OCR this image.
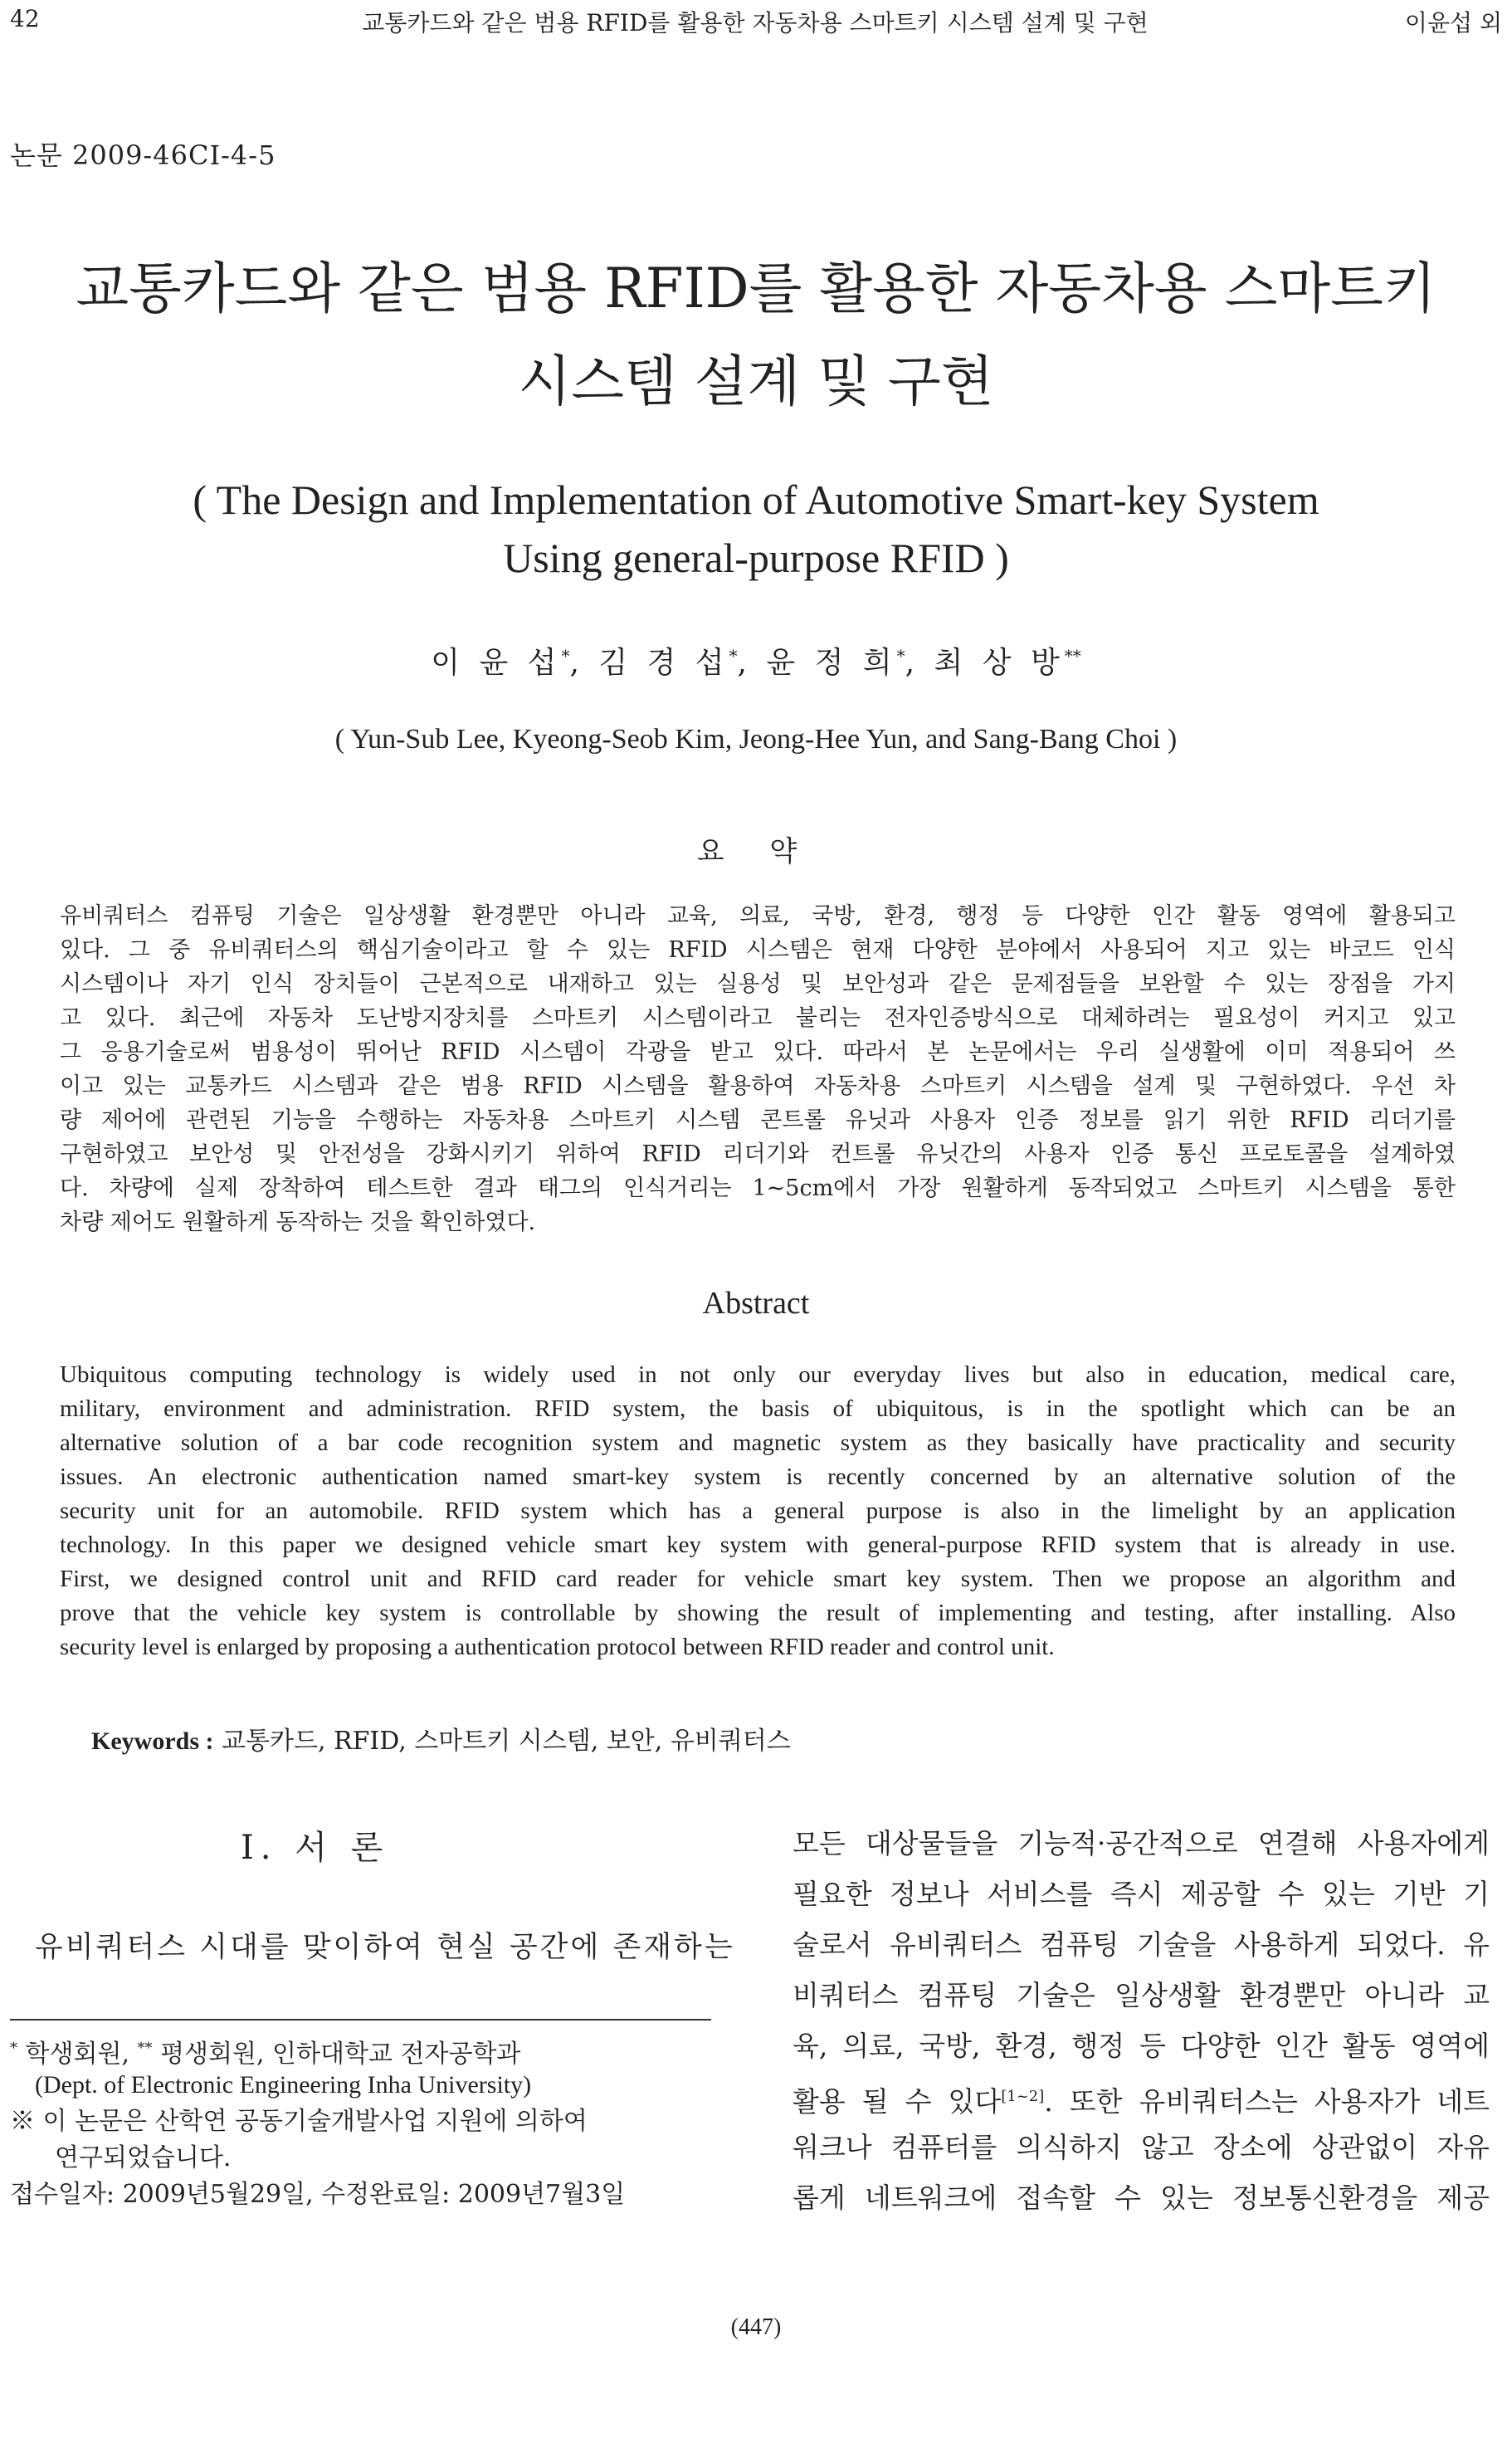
42	교통카드와 같은 범용 RFID를 활용한 자동차용 스마트키 시스템 설계 및 구현	이윤섭 외
논문 2009-46CI-4-5
교통카드와 같은 범용 RFID를 활용한 자동차용 스마트키
시스템 설계 및 구현
( The Design and Implementation of Automotive Smart-key System
Using general-purpose RFID )
이 윤 섭*, 김 경 섭*, 윤 정 희*, 최 상 방**
( Yun-Sub Lee, Kyeong-Seob Kim, Jeong-Hee Yun, and Sang-Bang Choi )
요 약
유비쿼터스 컴퓨팅 기술은 일상생활 환경뿐만 아니라 교육, 의료, 국방, 환경, 행정 등 다양한 인간 활동 영역에 활용되고
있다. 그 중 유비쿼터스의 핵심기술이라고 할 수 있는 RFID 시스템은 현재 다양한 분야에서 사용되어 지고 있는 바코드 인식
시스템이나 자기 인식 장치들이 근본적으로 내재하고 있는 실용성 및 보안성과 같은 문제점들을 보완할 수 있는 장점을 가지
고 있다. 최근에 자동차 도난방지장치를 스마트키 시스템이라고 불리는 전자인증방식으로 대체하려는 필요성이 커지고 있고
그 응용기술로써 범용성이 뛰어난 RFID 시스템이 각광을 받고 있다. 따라서 본 논문에서는 우리 실생활에 이미 적용되어 쓰
이고 있는 교통카드 시스템과 같은 범용 RFID 시스템을 활용하여 자동차용 스마트키 시스템을 설계 및 구현하였다. 우선 차
량 제어에 관련된 기능을 수행하는 자동차용 스마트키 시스템 콘트롤 유닛과 사용자 인증 정보를 읽기 위한 RFID 리더기를
구현하였고 보안성 및 안전성을 강화시키기 위하여 RFID 리더기와 컨트롤 유닛간의 사용자 인증 통신 프로토콜을 설계하였
다. 차량에 실제 장착하여 테스트한 결과 태그의 인식거리는 1~5cm에서 가장 원활하게 동작되었고 스마트키 시스템을 통한
차량 제어도 원활하게 동작하는 것을 확인하였다.
Abstract
Ubiquitous computing technology is widely used in not only our everyday lives but also in education, medical care,
military, environment and administration. RFID system, the basis of ubiquitous, is in the spotlight which can be an
alternative solution of a bar code recognition system and magnetic system as they basically have practicality and security
issues. An electronic authentication named smart-key system is recently concerned by an alternative solution of the
security unit for an automobile. RFID system which has a general purpose is also in the limelight by an application
technology. In this paper we designed vehicle smart key system with general-purpose RFID system that is already in use.
First, we designed control unit and RFID card reader for vehicle smart key system. Then we propose an algorithm and
prove that the vehicle key system is controllable by showing the result of implementing and testing, after installing. Also
security level is enlarged by proposing a authentication protocol between RFID reader and control unit.
Keywords : 교통카드, RFID, 스마트키 시스템, 보안, 유비쿼터스
Ⅰ. 서 론
유비쿼터스 시대를 맞이하여 현실 공간에 존재하는
* 학생회원, ** 평생회원, 인하대학교 전자공학과
(Dept. of Electronic Engineering Inha University)
※ 이 논문은 산학연 공동기술개발사업 지원에 의하여
연구되었습니다.
접수일자: 2009년5월29일, 수정완료일: 2009년7월3일
모든 대상물들을 기능적·공간적으로 연결해 사용자에게
필요한 정보나 서비스를 즉시 제공할 수 있는 기반 기
술로서 유비쿼터스 컴퓨팅 기술을 사용하게 되었다. 유
비쿼터스 컴퓨팅 기술은 일상생활 환경뿐만 아니라 교
육, 의료, 국방, 환경, 행정 등 다양한 인간 활동 영역에
활용 될 수 있다[1~2]. 또한 유비쿼터스는 사용자가 네트
워크나 컴퓨터를 의식하지 않고 장소에 상관없이 자유
롭게 네트워크에 접속할 수 있는 정보통신환경을 제공
(447)
